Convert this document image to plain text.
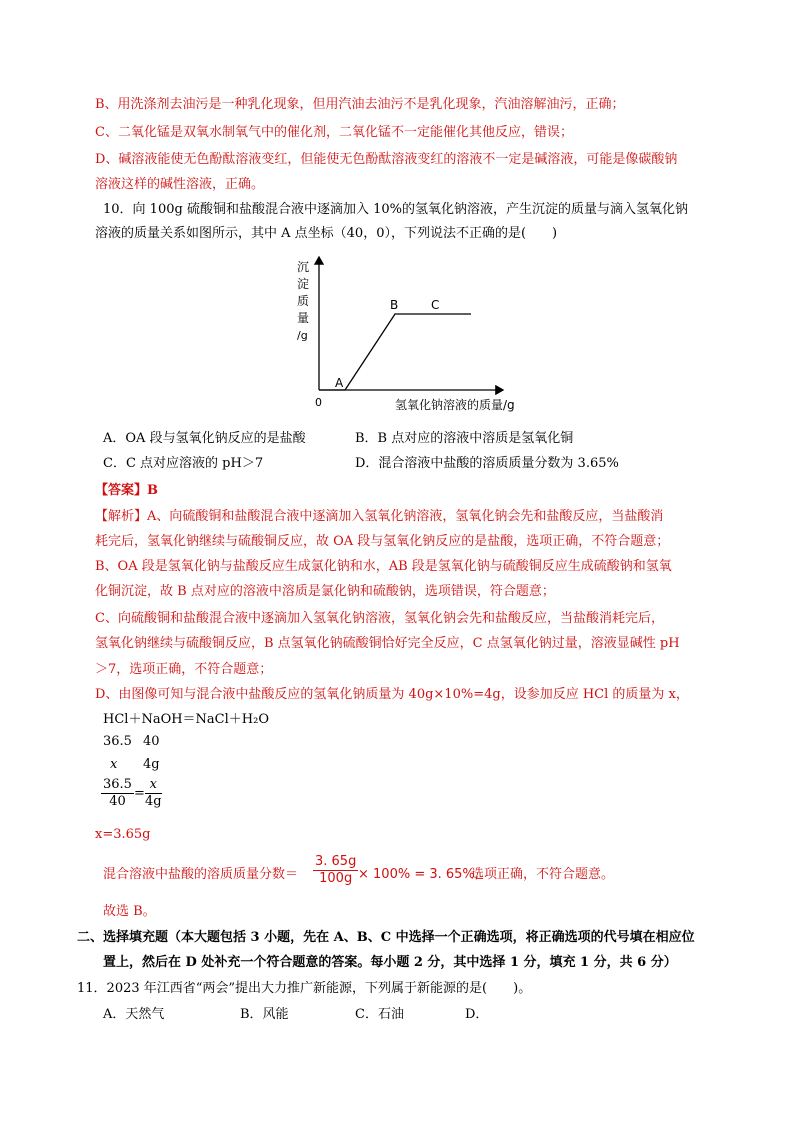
B、用洗涤剂去油污是一种乳化现象，但用汽油去油污不是乳化现象，汽油溶解油污，正确；
C、二氧化锰是双氧水制氧气中的催化剂，二氧化锰不一定能催化其他反应，错误；
D、碱溶液能使无色酚酞溶液变红，但能使无色酚酞溶液变红的溶液不一定是碱溶液，可能是像碳酸钠
溶液这样的碱性溶液，正确。
10．向 100g 硫酸铜和盐酸混合液中逐滴加入 10%的氢氧化钠溶液，产生沉淀的质量与滴入氢氧化钠
溶液的质量关系如图所示，其中 A 点坐标（40，0），下列说法不正确的是(　　)
沉
淀
质
量
/g
0	氢氧化钠溶液的质量/g
A
B	C
A．OA 段与氢氧化钠反应的是盐酸	B．B 点对应的溶液中溶质是氢氧化铜
C．C 点对应溶液的 pH＞7	D．混合溶液中盐酸的溶质质量分数为 3.65%
【答案】B
【解析】A、向硫酸铜和盐酸混合液中逐滴加入氢氧化钠溶液，氢氧化钠会先和盐酸反应，当盐酸消
耗完后，氢氧化钠继续与硫酸铜反应，故 OA 段与氢氧化钠反应的是盐酸，选项正确，不符合题意；
B、OA 段是氢氧化钠与盐酸反应生成氯化钠和水，AB 段是氢氧化钠与硫酸铜反应生成硫酸钠和氢氧
化铜沉淀，故 B 点对应的溶液中溶质是氯化钠和硫酸钠，选项错误，符合题意；
C、向硫酸铜和盐酸混合液中逐滴加入氢氧化钠溶液，氢氧化钠会先和盐酸反应，当盐酸消耗完后，
氢氧化钠继续与硫酸铜反应，B 点氢氧化钠硫酸铜恰好完全反应，C 点氢氧化钠过量，溶液显碱性 pH
＞7，选项正确，不符合题意；
D、由图像可知与混合液中盐酸反应的氢氧化钠质量为 40g×10%=4g，设参加反应 HCl 的质量为 x，
HCl＋NaOH＝NaCl＋H₂O
36.5 40
x 4g
$\frac{36.5}{40} = \frac{x}{4g}$
x=3.65g
混合溶液中盐酸的溶质质量分数＝ $\frac{3. 65g}{100g} \times 100\% = 3$. 65%,
选项正确，不符合题意。
故选 B。
二、选择填充题（本大题包括 3 小题，先在 A、B、C 中选择一个正确选项，将正确选项的代号填在相应位
置上，然后在 D 处补充一个符合题意的答案。每小题 2 分，其中选择 1 分，填充 1 分，共 6 分）
11．2023 年江西省“两会”提出大力推广新能源，下列属于新能源的是(　　)。
A．天然气	B．风能	C．石油	D．
